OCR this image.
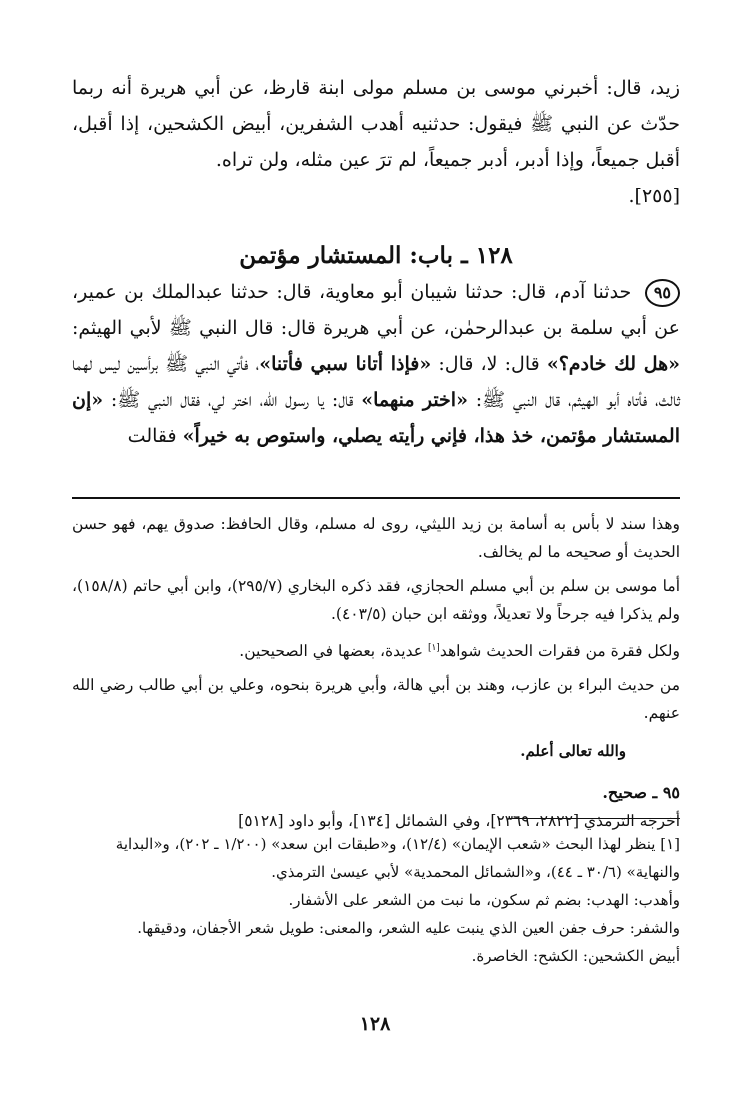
زيد، قال: أخبرني موسى بن مسلم مولى ابنة قارظ، عن أبي هريرة أنه ربما حدّث عن النبي ﷺ فيقول: حدثنيه أهدب الشفرين، أبيض الكشحين، إذا أقبل، أقبل جميعاً، وإذا أدبر، أدبر جميعاً، لم ترَ عين مثله، ولن تراه.

[٢٥٥].

١٢٨ ـ باب: المستشار مؤتمن
٩٥ حدثنا آدم، قال: حدثنا شيبان أبو معاوية، قال: حدثنا عبدالملك بن عمير، عن أبي سلمة بن عبدالرحمٰن، عن أبي هريرة قال: قال النبي ﷺ لأبي الهيثم: «هل لك خادم؟» قال: لا، قال: «فإذا أتانا سبي فأتنا»، فأتي النبي ﷺ برأسين ليس لهما ثالث، فأتاه أبو الهيثم، قال النبي ﷺ: «اختر منهما» قال: يا رسول الله، اختر لي، فقال النبي ﷺ: «إن المستشار مؤتمن، خذ هذا، فإني رأيته يصلي، واستوص به خيراً» فقالت

وهذا سند لا بأس به أسامة بن زيد الليثي، روى له مسلم، وقال الحافظ: صدوق يهم، فهو حسن الحديث أو صحيحه ما لم يخالف.

أما موسى بن سلم بن أبي مسلم الحجازي، فقد ذكره البخاري (٢٩٥/٧)، وابن أبي حاتم (١٥٨/٨)، ولم يذكرا فيه جرحاً ولا تعديلاً، ووثقه ابن حبان (٤٠٣/٥).

ولكل فقرة من فقرات الحديث شواهد[١] عديدة، بعضها في الصحيحين.

من حديث البراء بن عازب، وهند بن أبي هالة، وأبي هريرة بنحوه، وعلي بن أبي طالب رضي الله عنهم.

والله تعالى أعلم.

٩٥ ـ صحيح.

أخرجه الترمذي [٢٨٢٢، ٢٣٦٩]، وفي الشمائل [١٣٤]، وأبو داود [٥١٢٨]

[١] ينظر لهذا البحث «شعب الإيمان» (١٢/٤)، و«طبقات ابن سعد» (١/٢٠٠ ـ ٢٠٢)، و«البداية والنهاية» (٣٠/٦ ـ ٤٤)، و«الشمائل المحمدية» لأبي عيسىٰ الترمذي.

وأهدب: الهدب: بضم ثم سكون، ما نبت من الشعر على الأشفار.

والشفر: حرف جفن العين الذي ينبت عليه الشعر، والمعنى: طويل شعر الأجفان، ودقيقها.

أبيض الكشحين: الكشح: الخاصرة.

١٢٨
